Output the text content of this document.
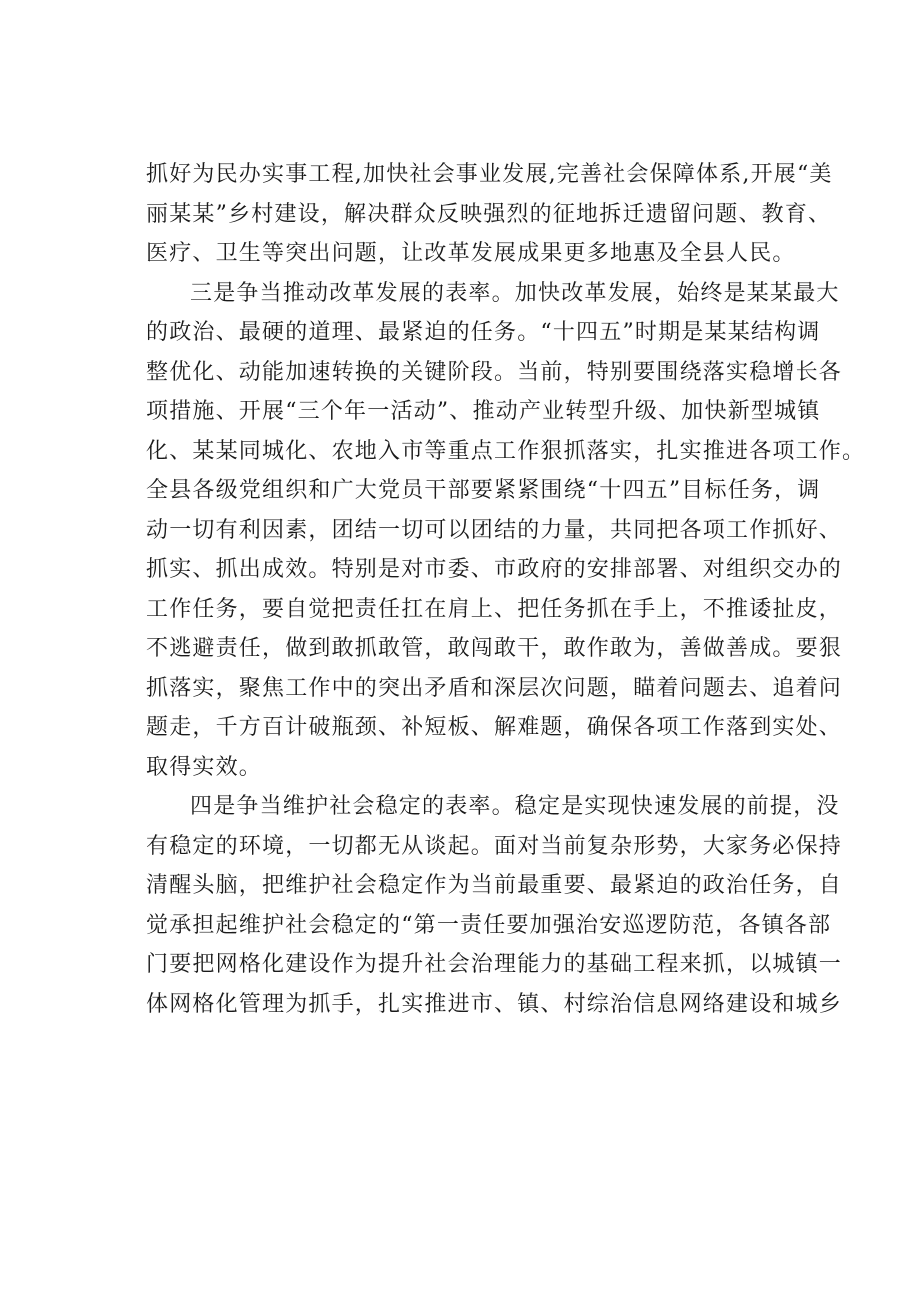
抓好为民办实事工程,加快社会事业发展,完善社会保障体系,开展“美
丽某某”乡村建设，解决群众反映强烈的征地拆迁遗留问题、教育、
医疗、卫生等突出问题，让改革发展成果更多地惠及全县人民。
三是争当推动改革发展的表率。加快改革发展，始终是某某最大
的政治、最硬的道理、最紧迫的任务。“十四五”时期是某某结构调
整优化、动能加速转换的关键阶段。当前，特别要围绕落实稳增长各
项措施、开展“三个年一活动”、推动产业转型升级、加快新型城镇
化、某某同城化、农地入市等重点工作狠抓落实，扎实推进各项工作。
全县各级党组织和广大党员干部要紧紧围绕“十四五”目标任务，调
动一切有利因素，团结一切可以团结的力量，共同把各项工作抓好、
抓实、抓出成效。特别是对市委、市政府的安排部署、对组织交办的
工作任务，要自觉把责任扛在肩上、把任务抓在手上，不推诿扯皮，
不逃避责任，做到敢抓敢管，敢闯敢干，敢作敢为，善做善成。要狠
抓落实，聚焦工作中的突出矛盾和深层次问题，瞄着问题去、追着问
题走，千方百计破瓶颈、补短板、解难题，确保各项工作落到实处、
取得实效。
四是争当维护社会稳定的表率。稳定是实现快速发展的前提，没
有稳定的环境，一切都无从谈起。面对当前复杂形势，大家务必保持
清醒头脑，把维护社会稳定作为当前最重要、最紧迫的政治任务，自
觉承担起维护社会稳定的“第一责任要加强治安巡逻防范，各镇各部
门要把网格化建设作为提升社会治理能力的基础工程来抓，以城镇一
体网格化管理为抓手，扎实推进市、镇、村综治信息网络建设和城乡
